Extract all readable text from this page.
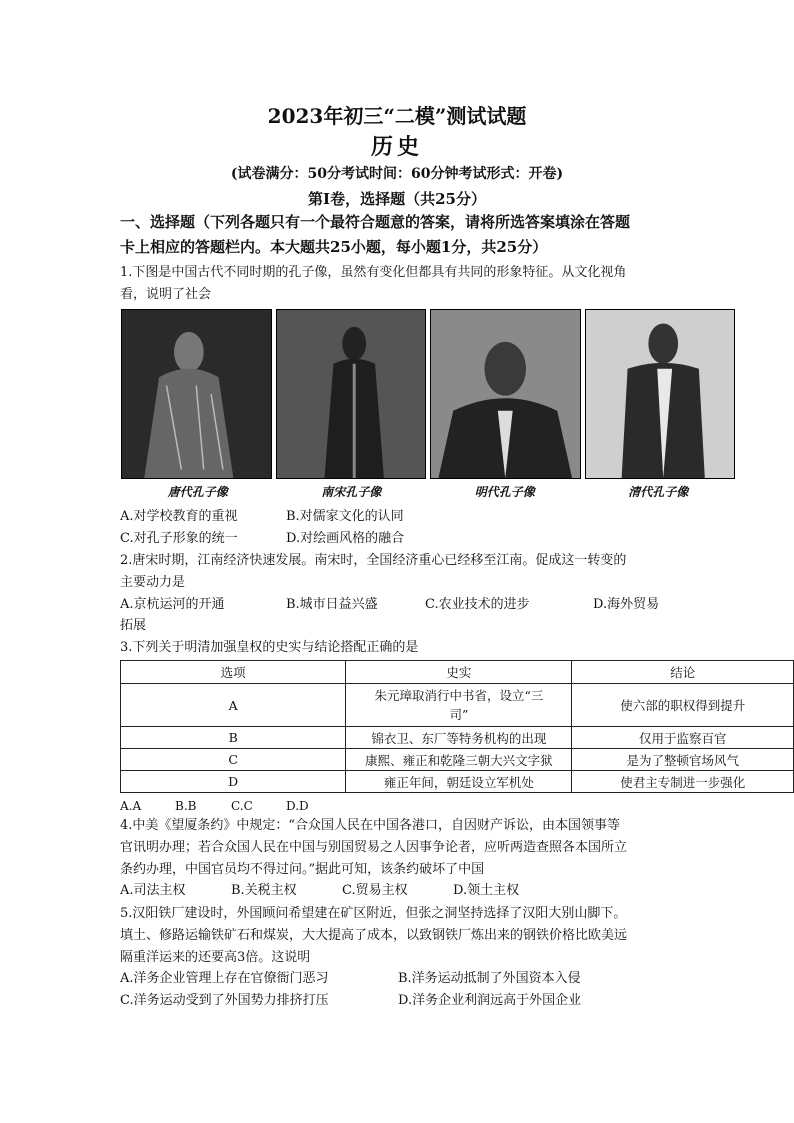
2023年初三“二模”测试试题
历史
(试卷满分：50分考试时间：60分钟考试形式：开卷)
第Ⅰ卷，选择题（共25分）
一、选择题（下列各题只有一个最符合题意的答案，请将所选答案填涂在答题
卡上相应的答题栏内。本大题共25小题，每小题1分，共25分）
1.下图是中国古代不同时期的孔子像，虽然有变化但都具有共同的形象特征。从文化视角
看，说明了社会
唐代孔子像	南宋孔子像	明代孔子像	清代孔子像
A.对学校教育的重视	B.对儒家文化的认同
C.对孔子形象的统一	D.对绘画风格的融合
2.唐宋时期，江南经济快速发展。南宋时，全国经济重心已经移至江南。促成这一转变的
主要动力是
A.京杭运河的开通	B.城市日益兴盛	C.农业技术的进步	D.海外贸易
拓展
3.下列关于明清加强皇权的史实与结论搭配正确的是
选项	史实	结论
A	朱元璋取消行中书省，设立“三
司”	使六部的职权得到提升
B	锦衣卫、东厂等特务机构的出现	仅用于监察百官
C	康熙、雍正和乾隆三朝大兴文字狱	是为了整顿官场风气
D	雍正年间，朝廷设立军机处	使君主专制进一步强化
A.A	B.B	C.C	D.D
4.中美《望厦条约》中规定：“合众国人民在中国各港口，自因财产诉讼，由本国领事等
官讯明办理；若合众国人民在中国与别国贸易之人因事争论者，应听两造查照各本国所立
条约办理，中国官员均不得过问。”据此可知，该条约破坏了中国
A.司法主权	B.关税主权	C.贸易主权	D.领土主权
5.汉阳铁厂建设时，外国顾问希望建在矿区附近，但张之洞坚持选择了汉阳大别山脚下。
填土、修路运输铁矿石和煤炭，大大提高了成本，以致钢铁厂炼出来的钢铁价格比欧美远
隔重洋运来的还要高3倍。这说明
A.洋务企业管理上存在官僚衙门恶习	B.洋务运动抵制了外国资本入侵
C.洋务运动受到了外国势力排挤打压	D.洋务企业利润远高于外国企业
